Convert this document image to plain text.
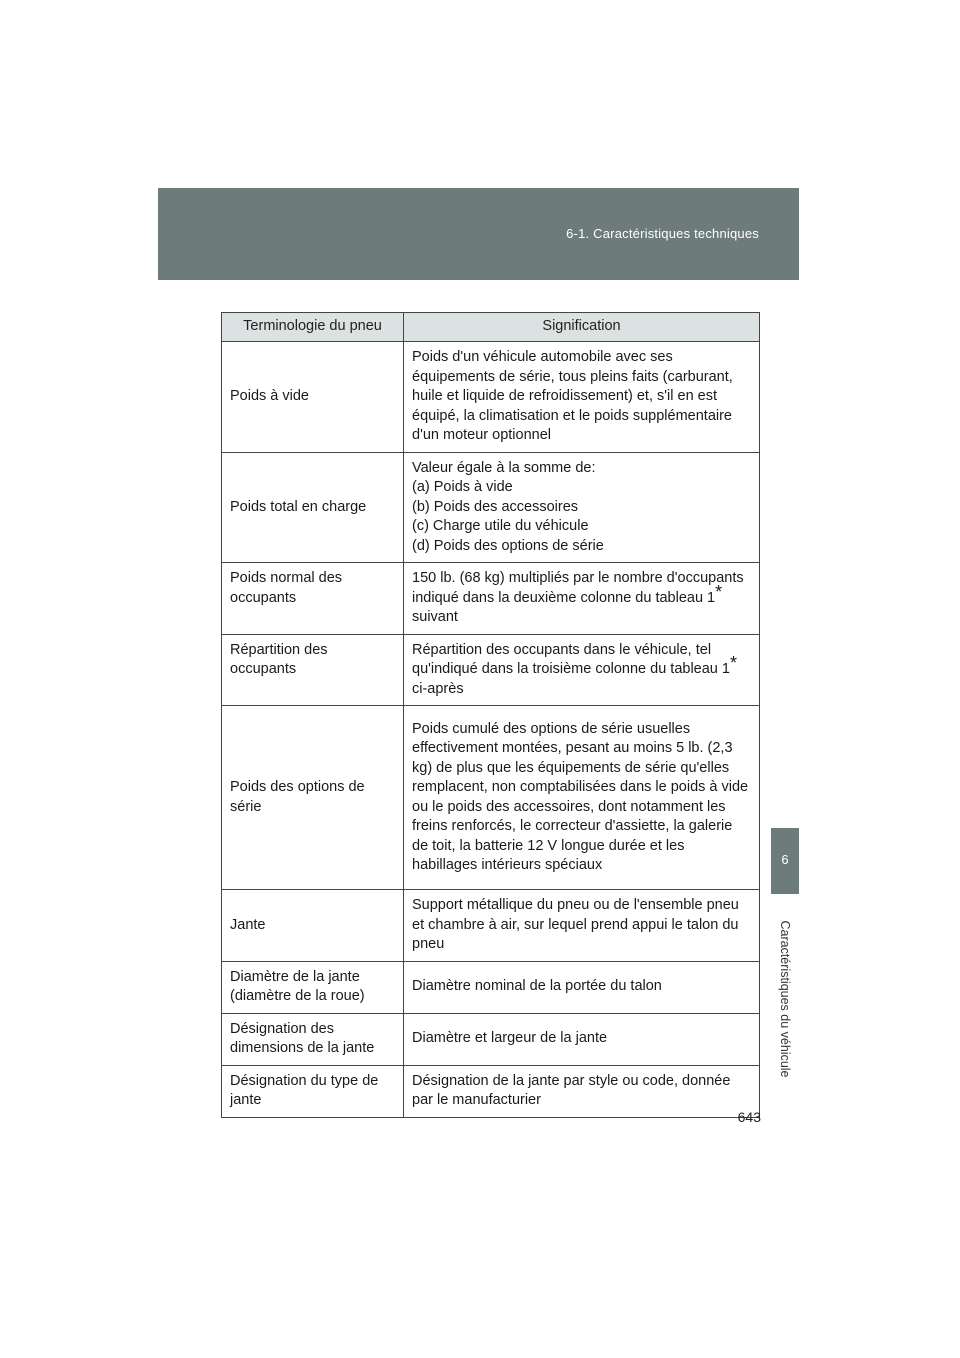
6-1. Caractéristiques techniques
6
Caractéristiques du véhicule
Terminologie du pneu	Signification
Poids à vide	Poids d'un véhicule automobile avec ses équipements de série, tous pleins faits (carburant, huile et liquide de refroidissement) et, s'il en est équipé, la climatisation et le poids supplémentaire d'un moteur optionnel
Poids total en charge	Valeur égale à la somme de:
(a) Poids à vide
(b) Poids des accessoires
(c) Charge utile du véhicule
(d) Poids des options de série

Poids normal des occupants	150 lb. (68 kg) multipliés par le nombre d'occupants indiqué dans la deuxième colonne du tableau 1* suivant
Répartition des occupants	Répartition des occupants dans le véhicule, tel qu'indiqué dans la troisième colonne du tableau 1* ci-après
Poids des options de série	Poids cumulé des options de série usuelles effectivement montées, pesant au moins 5 lb. (2,3 kg) de plus que les équipements de série qu'elles remplacent, non comptabilisées dans le poids à vide ou le poids des accessoires, dont notamment les freins renforcés, le correcteur d'assiette, la galerie de toit, la batterie 12 V longue durée et les habillages intérieurs spéciaux
Jante	Support métallique du pneu ou de l'ensemble pneu et chambre à air, sur lequel prend appui le talon du pneu
Diamètre de la jante (diamètre de la roue)	Diamètre nominal de la portée du talon
Désignation des dimensions de la jante	Diamètre et largeur de la jante
Désignation du type de jante	Désignation de la jante par style ou code, donnée par le manufacturier
643
